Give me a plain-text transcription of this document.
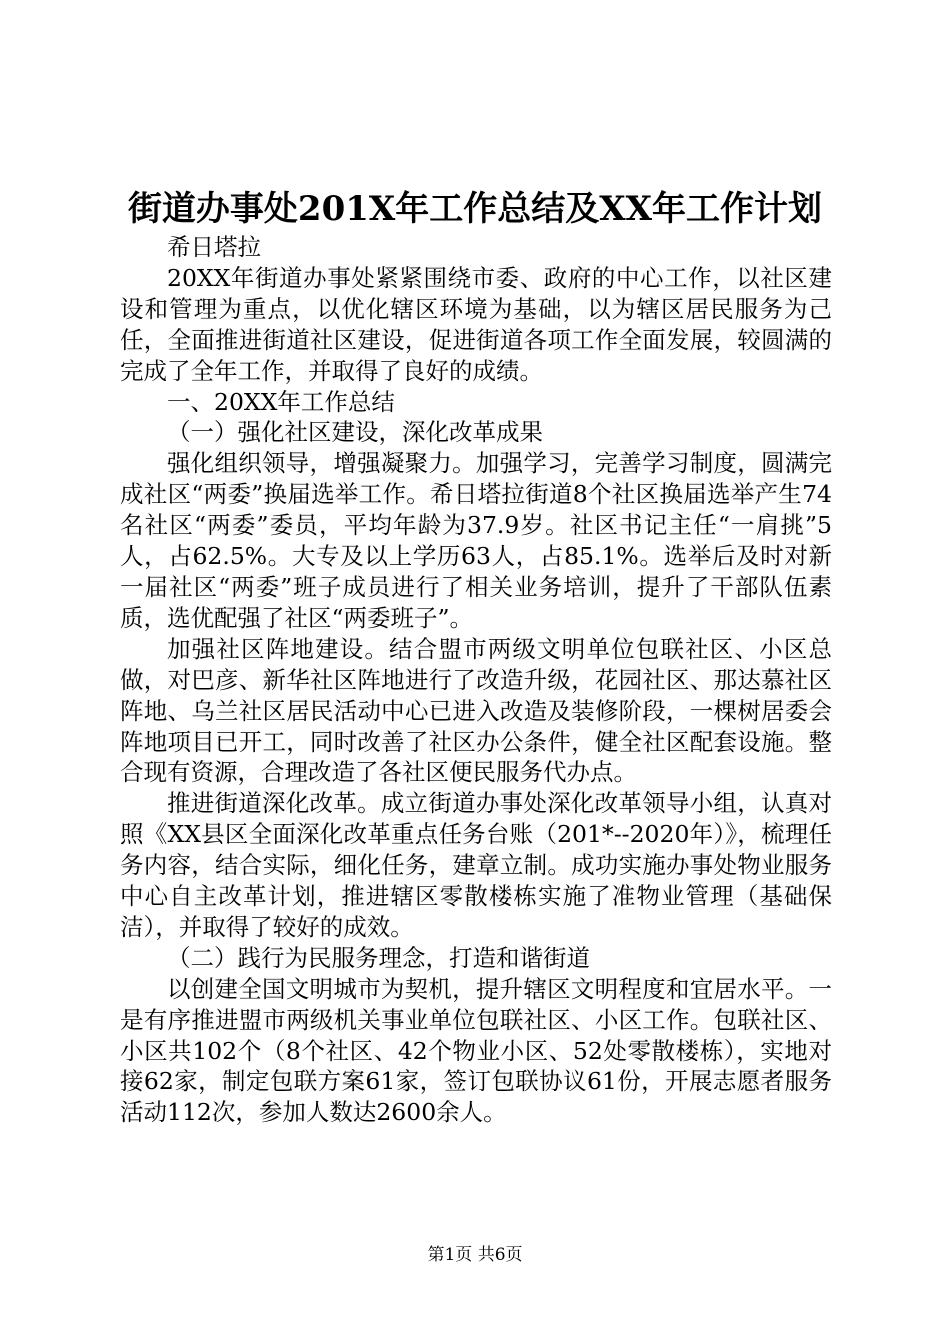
街道办事处201X年工作总结及XX年工作计划

希日塔拉

20XX年街道办事处紧紧围绕市委、政府的中心工作，以社区建设和管理为重点，以优化辖区环境为基础，以为辖区居民服务为己任，全面推进街道社区建设，促进街道各项工作全面发展，较圆满的完成了全年工作，并取得了良好的成绩。

一、20XX年工作总结

（一）强化社区建设，深化改革成果

强化组织领导，增强凝聚力。加强学习，完善学习制度，圆满完成社区“两委”换届选举工作。希日塔拉街道8个社区换届选举产生74名社区“两委”委员，平均年龄为37.9岁。社区书记主任“一肩挑”5人，占62.5%。大专及以上学历63人，占85.1%。选举后及时对新一届社区“两委”班子成员进行了相关业务培训，提升了干部队伍素质，选优配强了社区“两委班子”。

加强社区阵地建设。结合盟市两级文明单位包联社区、小区总做，对巴彦、新华社区阵地进行了改造升级，花园社区、那达慕社区阵地、乌兰社区居民活动中心已进入改造及装修阶段，一棵树居委会阵地项目已开工，同时改善了社区办公条件，健全社区配套设施。整合现有资源，合理改造了各社区便民服务代办点。

推进街道深化改革。成立街道办事处深化改革领导小组，认真对照《XX县区全面深化改革重点任务台账（201*--2020年）》，梳理任务内容，结合实际，细化任务，建章立制。成功实施办事处物业服务中心自主改革计划，推进辖区零散楼栋实施了准物业管理（基础保洁），并取得了较好的成效。

（二）践行为民服务理念，打造和谐街道

以创建全国文明城市为契机，提升辖区文明程度和宜居水平。一是有序推进盟市两级机关事业单位包联社区、小区工作。包联社区、小区共102个（8个社区、42个物业小区、52处零散楼栋），实地对接62家，制定包联方案61家，签订包联协议61份，开展志愿者服务活动112次，参加人数达2600余人。

第1页 共6页
